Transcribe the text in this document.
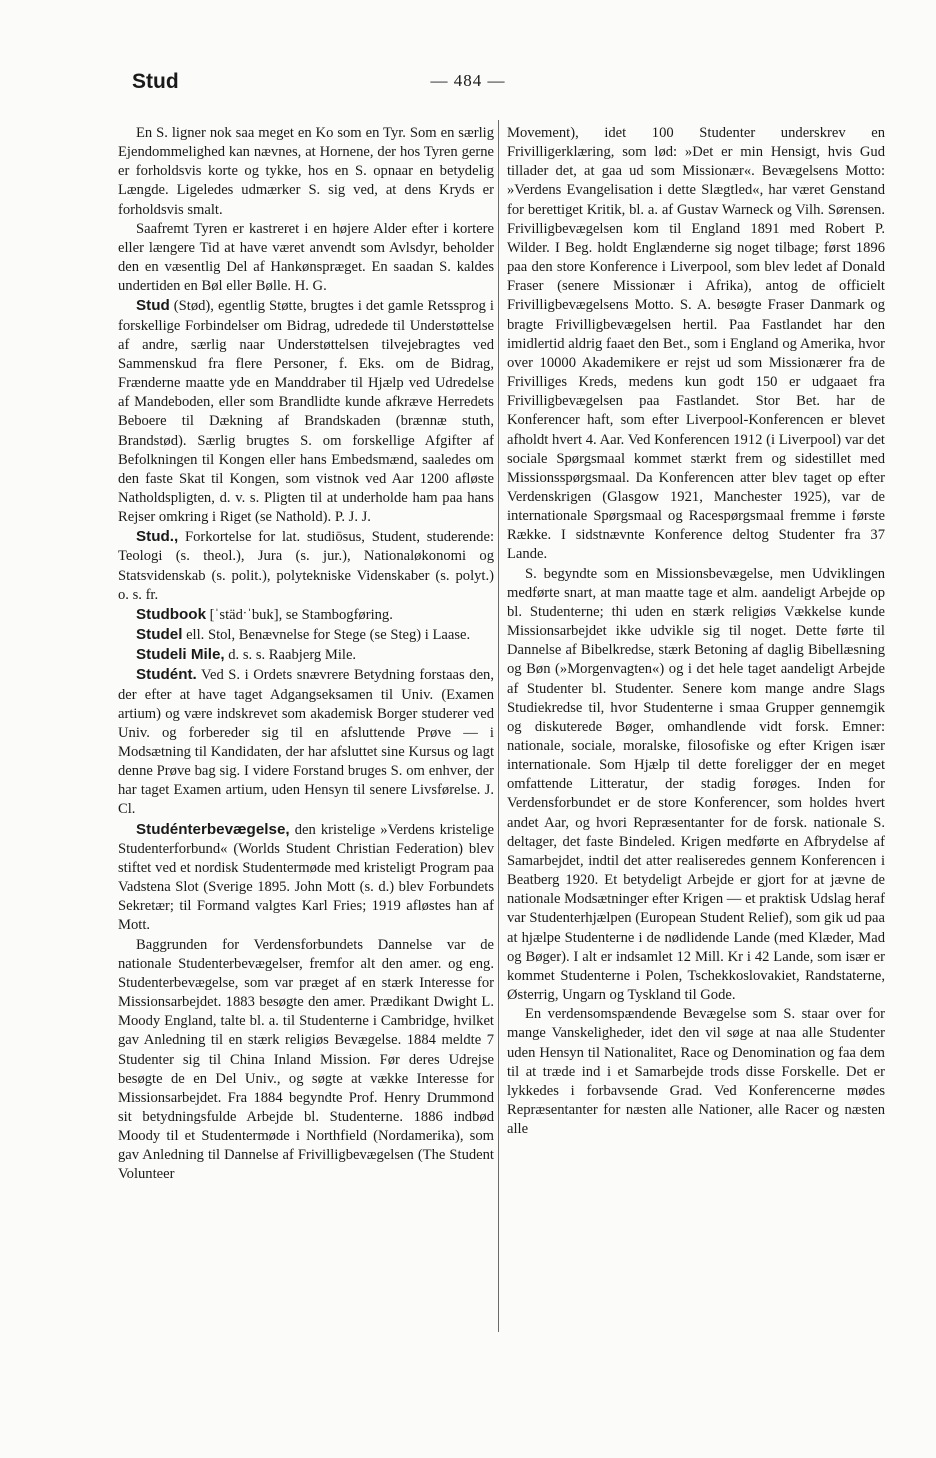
Stud	— 484 —

En S. ligner nok saa meget en Ko som en Tyr. Som en særlig Ejendommelighed kan nævnes, at Hornene, der hos Tyren gerne er forholdsvis korte og tykke, hos en S. opnaar en betydelig Længde. Ligeledes udmærker S. sig ved, at dens Kryds er forholdsvis smalt.

Saafremt Tyren er kastreret i en højere Alder efter i kortere eller længere Tid at have været anvendt som Avlsdyr, beholder den en væsentlig Del af Hankønspræget. En saadan S. kaldes undertiden en Bøl eller Bølle. H. G.

Stud (Stød), egentlig Støtte, brugtes i det gamle Retssprog i forskellige Forbindelser om Bidrag, udredede til Understøttelse af andre, særlig naar Understøttelsen tilvejebragtes ved Sammenskud fra flere Personer, f. Eks. om de Bidrag, Frænderne maatte yde en Manddraber til Hjælp ved Udredelse af Mandeboden, eller som Brandlidte kunde afkræve Herredets Beboere til Dækning af Brandskaden (brænnæ stuth, Brandstød). Særlig brugtes S. om forskellige Afgifter af Befolkningen til Kongen eller hans Embedsmænd, saaledes om den faste Skat til Kongen, som vistnok ved Aar 1200 afløste Natholdspligten, d. v. s. Pligten til at underholde ham paa hans Rejser omkring i Riget (se Nathold). P. J. J.

Stud., Forkortelse for lat. studiōsus, Student, studerende: Teologi (s. theol.), Jura (s. jur.), Nationaløkonomi og Statsvidenskab (s. polit.), polytekniske Videnskaber (s. polyt.) o. s. fr.

Studbook [ˈstädˑˈbuk], se Stambogføring.

Studel ell. Stol, Benævnelse for Stege (se Steg) i Laase.

Studeli Mile, d. s. s. Raabjerg Mile.

Studént. Ved S. i Ordets snævrere Betydning forstaas den, der efter at have taget Adgangseksamen til Univ. (Examen artium) og være indskrevet som akademisk Borger studerer ved Univ. og forbereder sig til en afsluttende Prøve — i Modsætning til Kandidaten, der har afsluttet sine Kursus og lagt denne Prøve bag sig. I videre Forstand bruges S. om enhver, der har taget Examen artium, uden Hensyn til senere Livsførelse. J. Cl.

Studénterbevægelse, den kristelige »Verdens kristelige Studenterforbund« (Worlds Student Christian Federation) blev stiftet ved et nordisk Studentermøde med kristeligt Program paa Vadstena Slot (Sverige 1895. John Mott (s. d.) blev Forbundets Sekretær; til Formand valgtes Karl Fries; 1919 afløstes han af Mott.

Baggrunden for Verdensforbundets Dannelse var de nationale Studenterbevægelser, fremfor alt den amer. og eng. Studenterbevægelse, som var præget af en stærk Interesse for Missionsarbejdet. 1883 besøgte den amer. Prædikant Dwight L. Moody England, talte bl. a. til Studenterne i Cambridge, hvilket gav Anledning til en stærk religiøs Bevægelse. 1884 meldte 7 Studenter sig til China Inland Mission. Før deres Udrejse besøgte de en Del Univ., og søgte at vække Interesse for Missionsarbejdet. Fra 1884 begyndte Prof. Henry Drummond sit betydningsfulde Arbejde bl. Studenterne. 1886 indbød Moody til et Studentermøde i Northfield (Nordamerika), som gav Anledning til Dannelse af Frivilligbevægelsen (The Student Volunteer

Movement), idet 100 Studenter underskrev en Frivilligerklæring, som lød: »Det er min Hensigt, hvis Gud tillader det, at gaa ud som Missionær«. Bevægelsens Motto: »Verdens Evangelisation i dette Slægtled«, har været Genstand for berettiget Kritik, bl. a. af Gustav Warneck og Vilh. Sørensen. Frivilligbevægelsen kom til England 1891 med Robert P. Wilder. I Beg. holdt Englænderne sig noget tilbage; først 1896 paa den store Konference i Liverpool, som blev ledet af Donald Fraser (senere Missionær i Afrika), antog de officielt Frivilligbevægelsens Motto. S. A. besøgte Fraser Danmark og bragte Frivilligbevægelsen hertil. Paa Fastlandet har den imidlertid aldrig faaet den Bet., som i England og Amerika, hvor over 10000 Akademikere er rejst ud som Missionærer fra de Frivilliges Kreds, medens kun godt 150 er udgaaet fra Frivilligbevægelsen paa Fastlandet. Stor Bet. har de Konferencer haft, som efter Liverpool-Konferencen er blevet afholdt hvert 4. Aar. Ved Konferencen 1912 (i Liverpool) var det sociale Spørgsmaal kommet stærkt frem og sidestillet med Missionsspørgsmaal. Da Konferencen atter blev taget op efter Verdenskrigen (Glasgow 1921, Manchester 1925), var de internationale Spørgsmaal og Racespørgsmaal fremme i første Række. I sidstnævnte Konference deltog Studenter fra 37 Lande.

S. begyndte som en Missionsbevægelse, men Udviklingen medførte snart, at man maatte tage et alm. aandeligt Arbejde op bl. Studenterne; thi uden en stærk religiøs Vækkelse kunde Missionsarbejdet ikke udvikle sig til noget. Dette førte til Dannelse af Bibelkredse, stærk Betoning af daglig Bibellæsning og Bøn (»Morgenvagten«) og i det hele taget aandeligt Arbejde af Studenter bl. Studenter. Senere kom mange andre Slags Studiekredse til, hvor Studenterne i smaa Grupper gennemgik og diskuterede Bøger, omhandlende vidt forsk. Emner: nationale, sociale, moralske, filosofiske og efter Krigen især internationale. Som Hjælp til dette foreligger der en meget omfattende Litteratur, der stadig forøges. Inden for Verdensforbundet er de store Konferencer, som holdes hvert andet Aar, og hvori Repræsentanter for de forsk. nationale S. deltager, det faste Bindeled. Krigen medførte en Afbrydelse af Samarbejdet, indtil det atter realiseredes gennem Konferencen i Beatberg 1920. Et betydeligt Arbejde er gjort for at jævne de nationale Modsætninger efter Krigen — et praktisk Udslag heraf var Studenterhjælpen (European Student Relief), som gik ud paa at hjælpe Studenterne i de nødlidende Lande (med Klæder, Mad og Bøger). I alt er indsamlet 12 Mill. Kr i 42 Lande, som især er kommet Studenterne i Polen, Tschekkoslovakiet, Randstaterne, Østerrig, Ungarn og Tyskland til Gode.

En verdensomspændende Bevægelse som S. staar over for mange Vanskeligheder, idet den vil søge at naa alle Studenter uden Hensyn til Nationalitet, Race og Denomination og faa dem til at træde ind i et Samarbejde trods disse Forskelle. Det er lykkedes i forbavsende Grad. Ved Konferencerne mødes Repræsentanter for næsten alle Nationer, alle Racer og næsten alle
